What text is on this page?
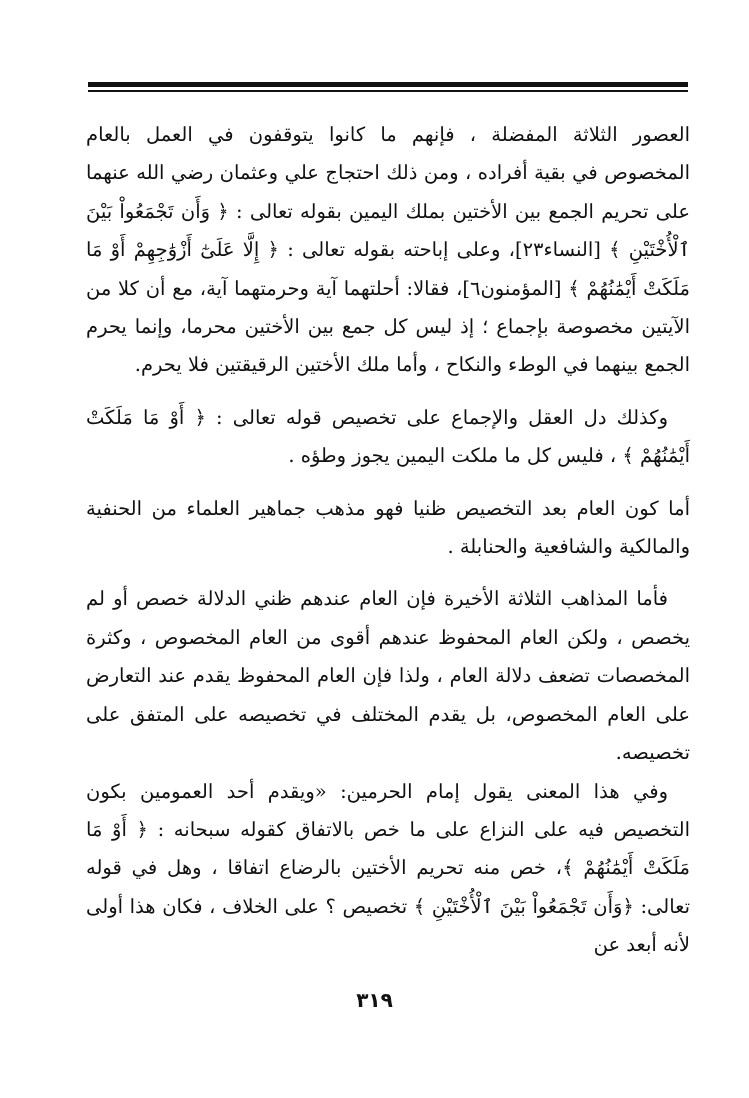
العصور الثلاثة المفضلة ، فإنهم ما كانوا يتوقفون في العمل بالعام المخصوص في بقية أفراده ، ومن ذلك احتجاج علي وعثمان رضي الله عنهما على تحريم الجمع بين الأختين بملك اليمين بقوله تعالى : ﴿ وَأَن تَجْمَعُواْ بَيْنَ ٱلْأُخْتَيْنِ ﴾ [النساء٢٣]، وعلى إباحته بقوله تعالى : ﴿ إِلَّا عَلَىٰٓ أَزْوَٰجِهِمْ أَوْ مَا مَلَكَتْ أَيْمَٰنُهُمْ ﴾ [المؤمنون٦]، فقالا: أحلتهما آية وحرمتهما آية، مع أن كلا من الآيتين مخصوصة بإجماع ؛ إذ ليس كل جمع بين الأختين محرما، وإنما يحرم الجمع بينهما في الوطء والنكاح ، وأما ملك الأختين الرقيقتين فلا يحرم.

وكذلك دل العقل والإجماع على تخصيص قوله تعالى : ﴿ أَوْ مَا مَلَكَتْ أَيْمَٰنُهُمْ ﴾ ، فليس كل ما ملكت اليمين يجوز وطؤه .

أما كون العام بعد التخصيص ظنيا فهو مذهب جماهير العلماء من الحنفية والمالكية والشافعية والحنابلة .

فأما المذاهب الثلاثة الأخيرة فإن العام عندهم ظني الدلالة خصص أو لم يخصص ، ولكن العام المحفوظ عندهم أقوى من العام المخصوص ، وكثرة المخصصات تضعف دلالة العام ، ولذا فإن العام المحفوظ يقدم عند التعارض على العام المخصوص، بل يقدم المختلف في تخصيصه على المتفق على تخصيصه.

وفي هذا المعنى يقول إمام الحرمين: «ويقدم أحد العمومين بكون التخصيص فيه على النزاع على ما خص بالاتفاق كقوله سبحانه : ﴿ أَوْ مَا مَلَكَتْ أَيْمَٰنُهُمْ ﴾، خص منه تحريم الأختين بالرضاع اتفاقا ، وهل في قوله تعالى: ﴿وَأَن تَجْمَعُواْ بَيْنَ ٱلْأُخْتَيْنِ ﴾ تخصيص ؟ على الخلاف ، فكان هذا أولى لأنه أبعد عن

٣١٩
